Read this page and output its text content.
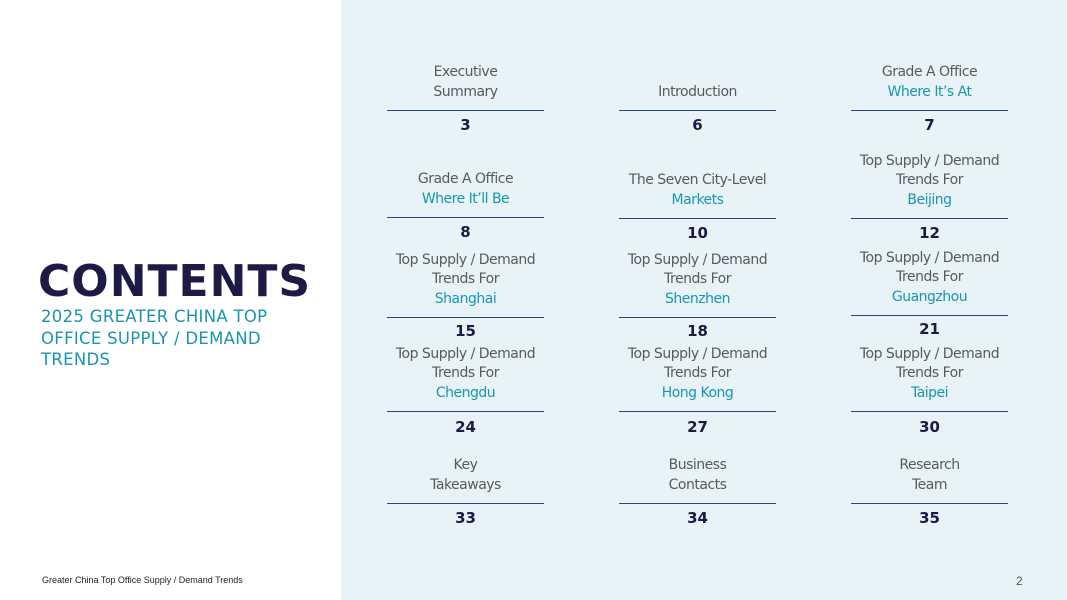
CONTENTS
2025 GREATER CHINA TOP OFFICE SUPPLY / DEMAND TRENDS
Greater China Top Office Supply / Demand Trends
Executive
Summary
3
Introduction
6
Grade A Office
Where It’s At
7
Grade A Office
Where It’ll Be
8
The Seven City-Level
Markets
10
Top Supply / Demand
Trends For
Beijing
12
Top Supply / Demand
Trends For
Shanghai
15
Top Supply / Demand
Trends For
Shenzhen
18
Top Supply / Demand
Trends For
Guangzhou
21
Top Supply / Demand
Trends For
Chengdu
24
Top Supply / Demand
Trends For
Hong Kong
27
Top Supply / Demand
Trends For
Taipei
30
Key
Takeaways
33
Business
Contacts
34
Research
Team
35
2
